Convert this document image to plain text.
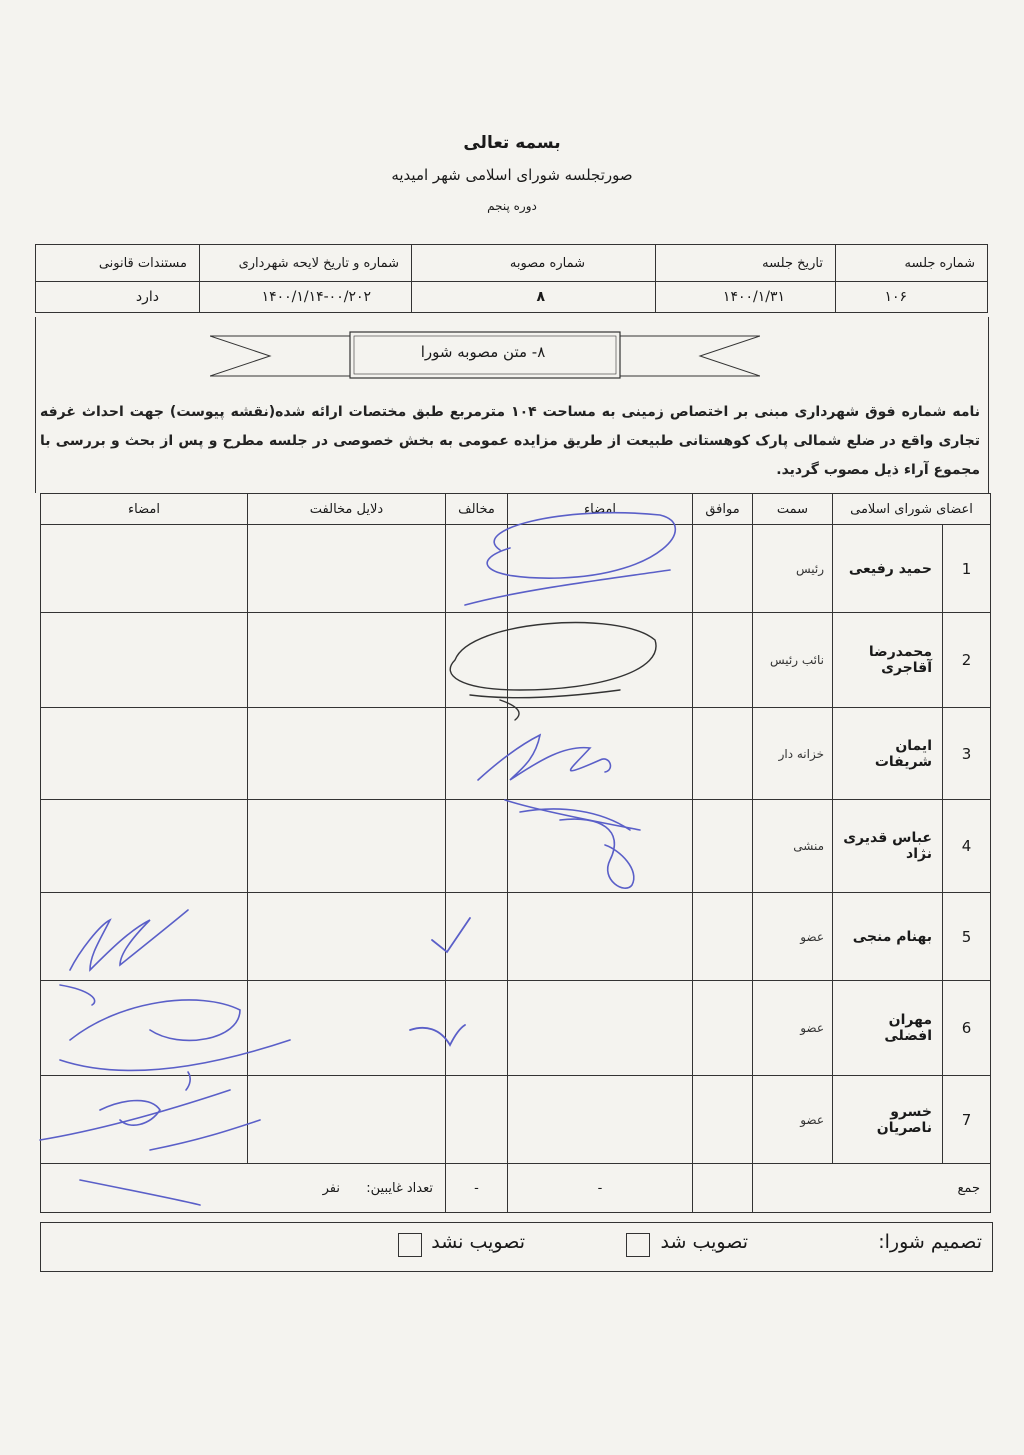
بسمه تعالی
صورتجلسه شورای اسلامی شهر امیدیه
دوره پنجم
شماره جلسه	تاریخ جلسه	شماره مصوبه	شماره و تاریخ لایحه شهرداری	مستندات قانونی
۱۰۶	۱۴۰۰/۱/۳۱	۸	۱۴۰۰/۱/۱۴-۰۰/۲۰۲	دارد
۸- متن مصوبه شورا
نامه شماره فوق شهرداری مبنی بر اختصاص زمینی به مساحت ۱۰۴ مترمربع طبق مختصات ارائه شده(نقشه پیوست) جهت احداث غرفه تجاری واقع در ضلع شمالی پارک کوهستانی طبیعت از طریق مزایده عمومی به بخش خصوصی در جلسه مطرح و پس از بحث و بررسی با مجموع آراء ذیل مصوب گردید.
اعضای شورای اسلامی		سمت	موافق	امضاء	مخالف	دلایل مخالفت	امضاء
1	حمید رفیعی	رئیس					
2	محمدرضا آقاجری	نائب رئیس					
3	ایمان شریفات	خزانه دار					
4	عباس قدیری نژاد	منشی					
5	بهنام منجی	عضو					
6	مهران افضلی	عضو					
7	خسرو ناصریان	عضو					
جمع				-	-	تعداد غایبین:  نفر	
تصمیم شورا:
تصویب شد
تصویب نشد
